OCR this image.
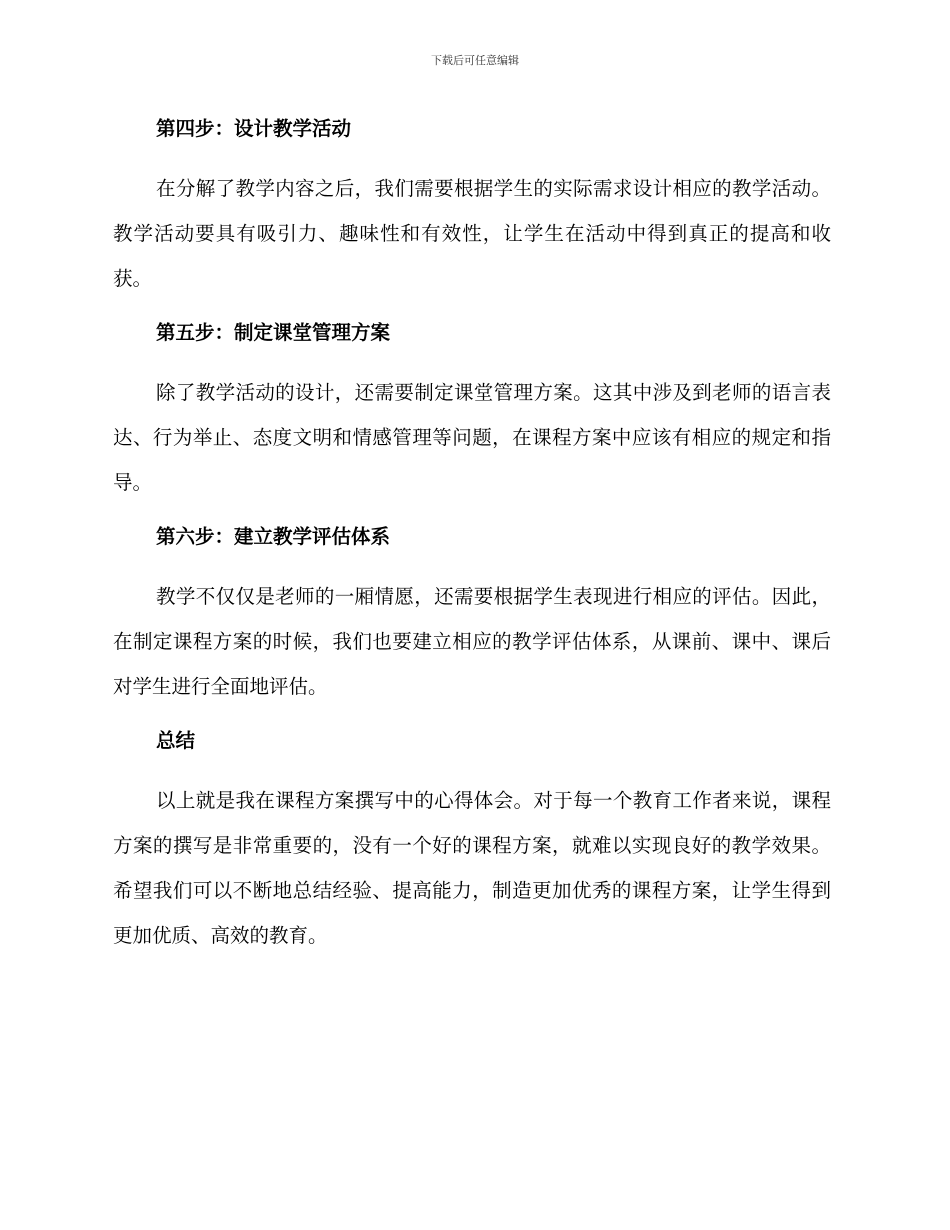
下载后可任意编辑
第四步：设计教学活动

在分解了教学内容之后，我们需要根据学生的实际需求设计相应的教学活动。教学活动要具有吸引力、趣味性和有效性，让学生在活动中得到真正的提高和收获。

第五步：制定课堂管理方案

除了教学活动的设计，还需要制定课堂管理方案。这其中涉及到老师的语言表达、行为举止、态度文明和情感管理等问题，在课程方案中应该有相应的规定和指导。

第六步：建立教学评估体系

教学不仅仅是老师的一厢情愿，还需要根据学生表现进行相应的评估。因此，在制定课程方案的时候，我们也要建立相应的教学评估体系，从课前、课中、课后对学生进行全面地评估。

总结

以上就是我在课程方案撰写中的心得体会。对于每一个教育工作者来说，课程方案的撰写是非常重要的，没有一个好的课程方案，就难以实现良好的教学效果。希望我们可以不断地总结经验、提高能力，制造更加优秀的课程方案，让学生得到更加优质、高效的教育。
